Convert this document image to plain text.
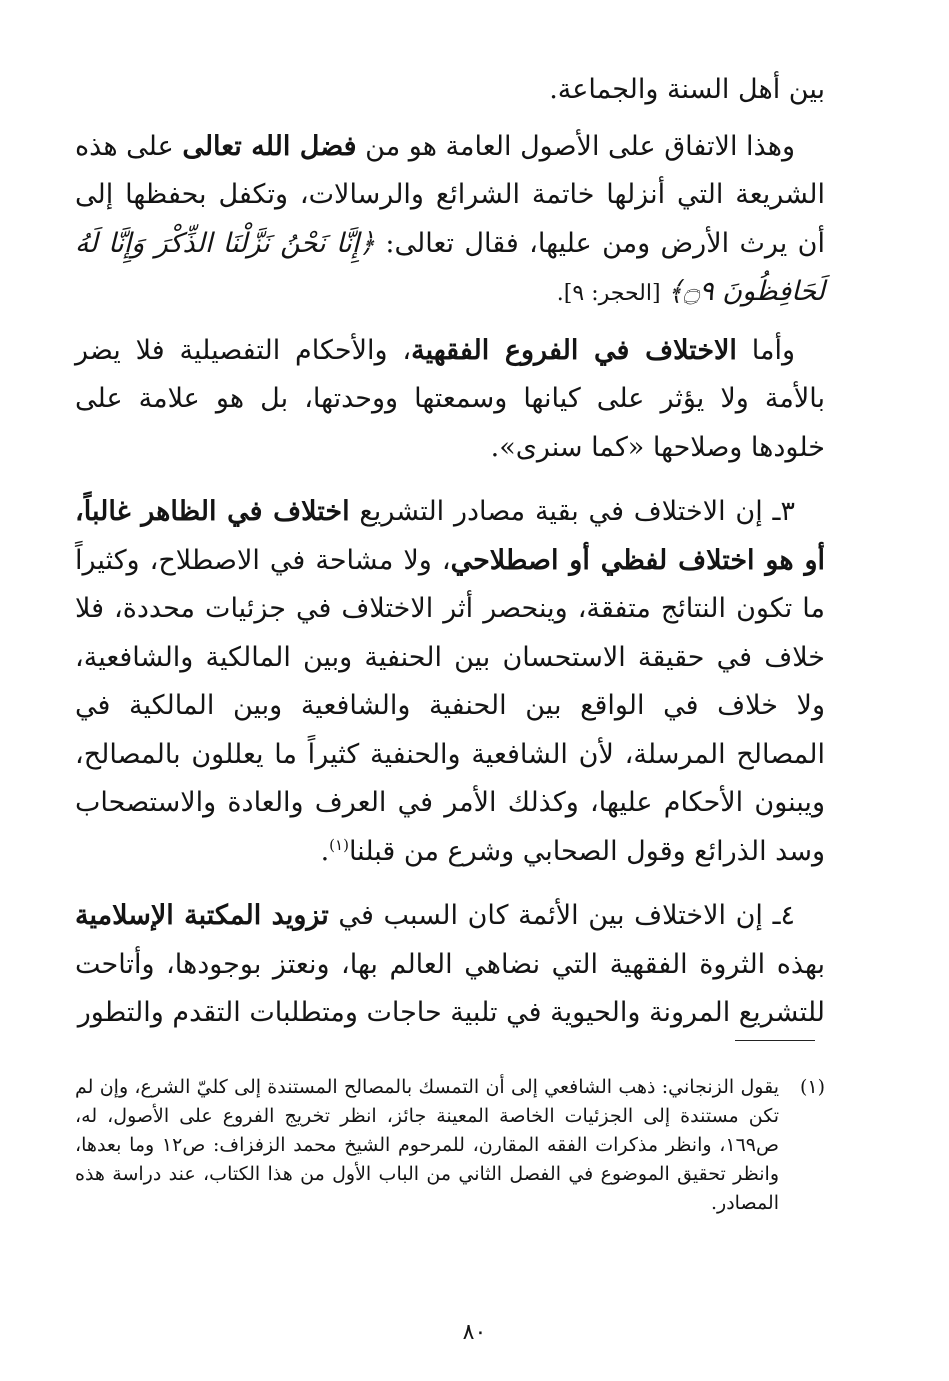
بين أهل السنة والجماعة.

وهذا الاتفاق على الأصول العامة هو من فضل الله تعالى على هذه الشريعة التي أنزلها خاتمة الشرائع والرسالات، وتكفل بحفظها إلى أن يرث الأرض ومن عليها، فقال تعالى: ﴿إِنَّا نَحْنُ نَزَّلْنَا الذِّكْرَ وَإِنَّا لَهُ لَحَافِظُونَ ۝٩﴾ [الحجر: ٩].

وأما الاختلاف في الفروع الفقهية، والأحكام التفصيلية فلا يضر بالأمة ولا يؤثر على كيانها وسمعتها ووحدتها، بل هو علامة على خلودها وصلاحها «كما سنرى».

٣ـ إن الاختلاف في بقية مصادر التشريع اختلاف في الظاهر غالباً، أو هو اختلاف لفظي أو اصطلاحي، ولا مشاحة في الاصطلاح، وكثيراً ما تكون النتائج متفقة، وينحصر أثر الاختلاف في جزئيات محددة، فلا خلاف في حقيقة الاستحسان بين الحنفية وبين المالكية والشافعية، ولا خلاف في الواقع بين الحنفية والشافعية وبين المالكية في المصالح المرسلة، لأن الشافعية والحنفية كثيراً ما يعللون بالمصالح، ويبنون الأحكام عليها، وكذلك الأمر في العرف والعادة والاستصحاب وسد الذرائع وقول الصحابي وشرع من قبلنا$^{(١)}$.

٤ـ إن الاختلاف بين الأئمة كان السبب في تزويد المكتبة الإسلامية بهذه الثروة الفقهية التي نضاهي العالم بها، ونعتز بوجودها، وأتاحت للتشريع المرونة والحيوية في تلبية حاجات ومتطلبات التقدم والتطور

(١)
يقول الزنجاني: ذهب الشافعي إلى أن التمسك بالمصالح المستندة إلى كليّ الشرع، وإن لم تكن مستندة إلى الجزئيات الخاصة المعينة جائز، انظر تخريج الفروع على الأصول، له، ص١٦٩، وانظر مذكرات الفقه المقارن، للمرحوم الشيخ محمد الزفزاف: ص١٢ وما بعدها، وانظر تحقيق الموضوع في الفصل الثاني من الباب الأول من هذا الكتاب، عند دراسة هذه المصادر.
٨٠
